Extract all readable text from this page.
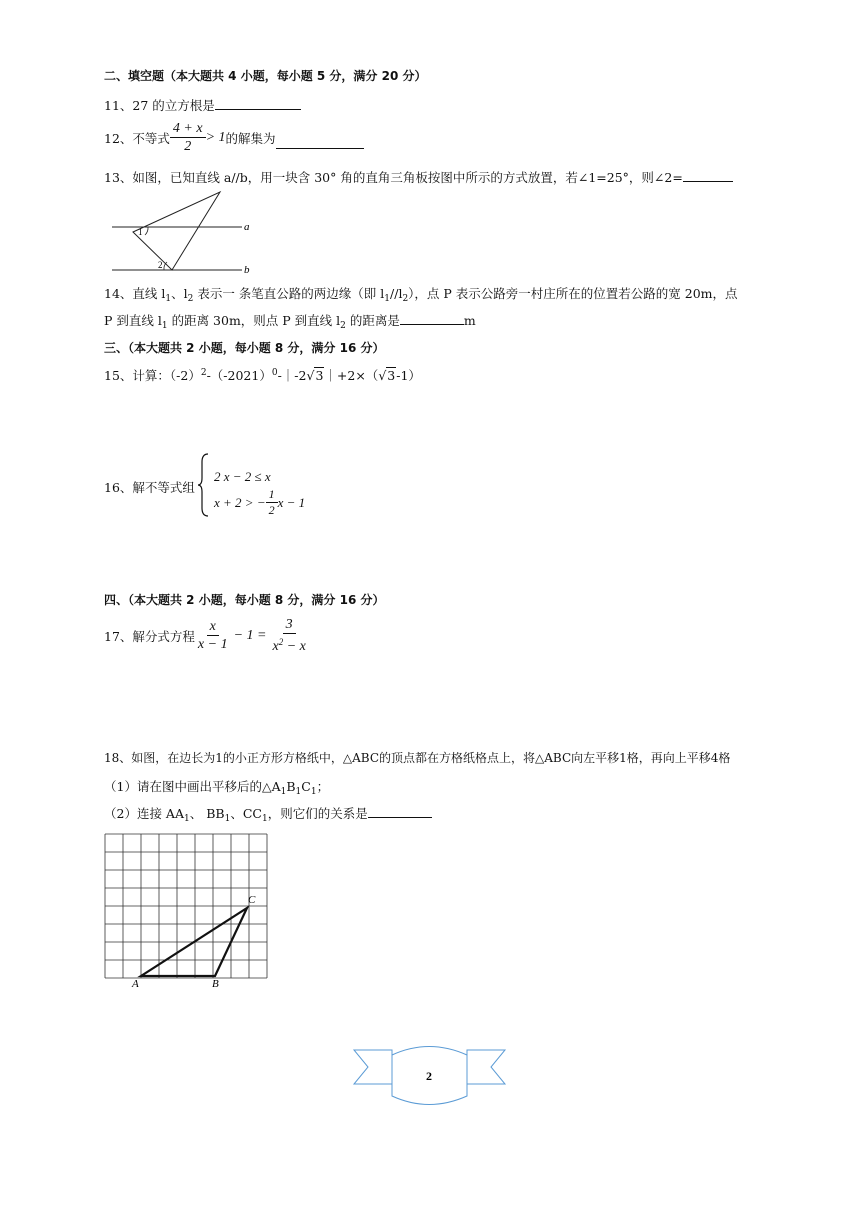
二、填空题（本大题共 4 小题，每小题 5 分，满分 20 分）
11、27 的立方根是
12、不等式 $\frac{4 + x}{2} > 1$ 的解集为
13、如图，已知直线 a//b，用一块含 30° 角的直角三角板按图中所示的方式放置，若∠1=25°，则∠2=
a
b
1
2
14、直线 $l_1$、$l_2$ 表示一 条笔直公路的两边缘（即 $l_1//l_2$），点 P 表示公路旁一村庄所在的位置若公路的宽 20m，点
P 到直线 $l_1$ 的距离 30m，则点 P 到直线 $l_2$ 的距离是	m
三、（本大题共 2 小题，每小题 8 分，满分 16 分）
15、计算：$(-2)^2-(-2021)^0-|-2√3|+2\times(√3-1)$
16、解不等式组
2 x − 2 ≤ x
x + 2 > − $\frac{1}{2}$ x − 1
四、（本大题共 2 小题，每小题 8 分，满分 16 分）
17、解分式方程 $\frac{x}{x - 1} - 1 = \frac{3}{x^2 - x}$
18、如图，在边长为1的小正方形方格纸中，△ABC的顶点都在方格纸格点上，将△ABC向左平移1格，再向上平移4格
（1）请在图中画出平移后的$\triangle A_1B_1C_1$；
（2）连接 $AA_1$、 $BB_1$、$CC_1$，则它们的关系是
A	B
C
2
